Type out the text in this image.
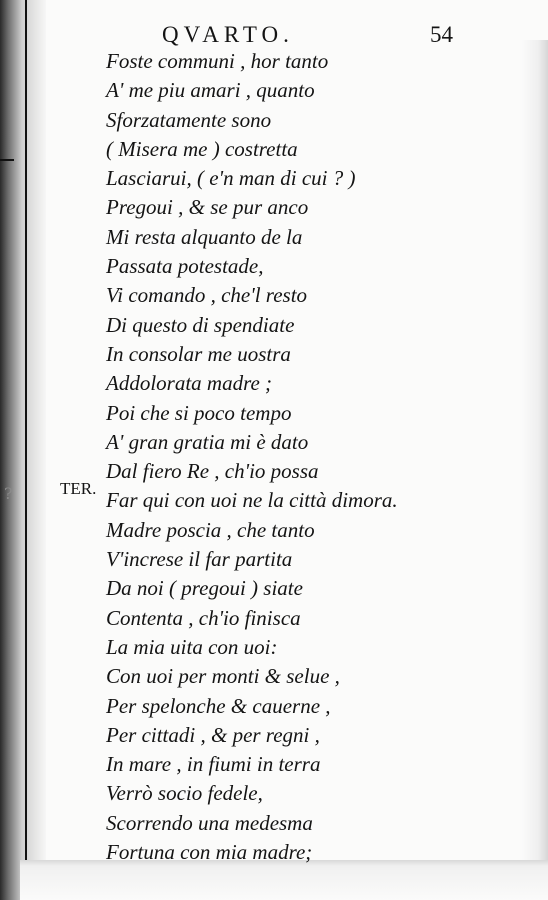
QVARTO.	54
TER.
?
Foste communi , hor tanto
A' me piu amari , quanto
Sforzatamente sono
( Misera me ) costretta
Lasciarui, ( e'n man di cui ? )
Pregoui , & se pur anco
Mi resta alquanto de la
Passata potestade,
Vi comando , che'l resto
Di questo di spendiate
In consolar me uostra
Addolorata madre ;
Poi che si poco tempo
A' gran gratia mi è dato
Dal fiero Re , ch'io possa
Far qui con uoi ne la città dimora.
Madre poscia , che tanto
V'increse il far partita
Da noi ( pregoui ) siate
Contenta , ch'io finisca
La mia uita con uoi:
Con uoi per monti & selue ,
Per spelonche & cauerne ,
Per cittadi , & per regni ,
In mare , in fiumi in terra
Verrò socio fedele,
Scorrendo una medesma
Fortuna con mia madre;
